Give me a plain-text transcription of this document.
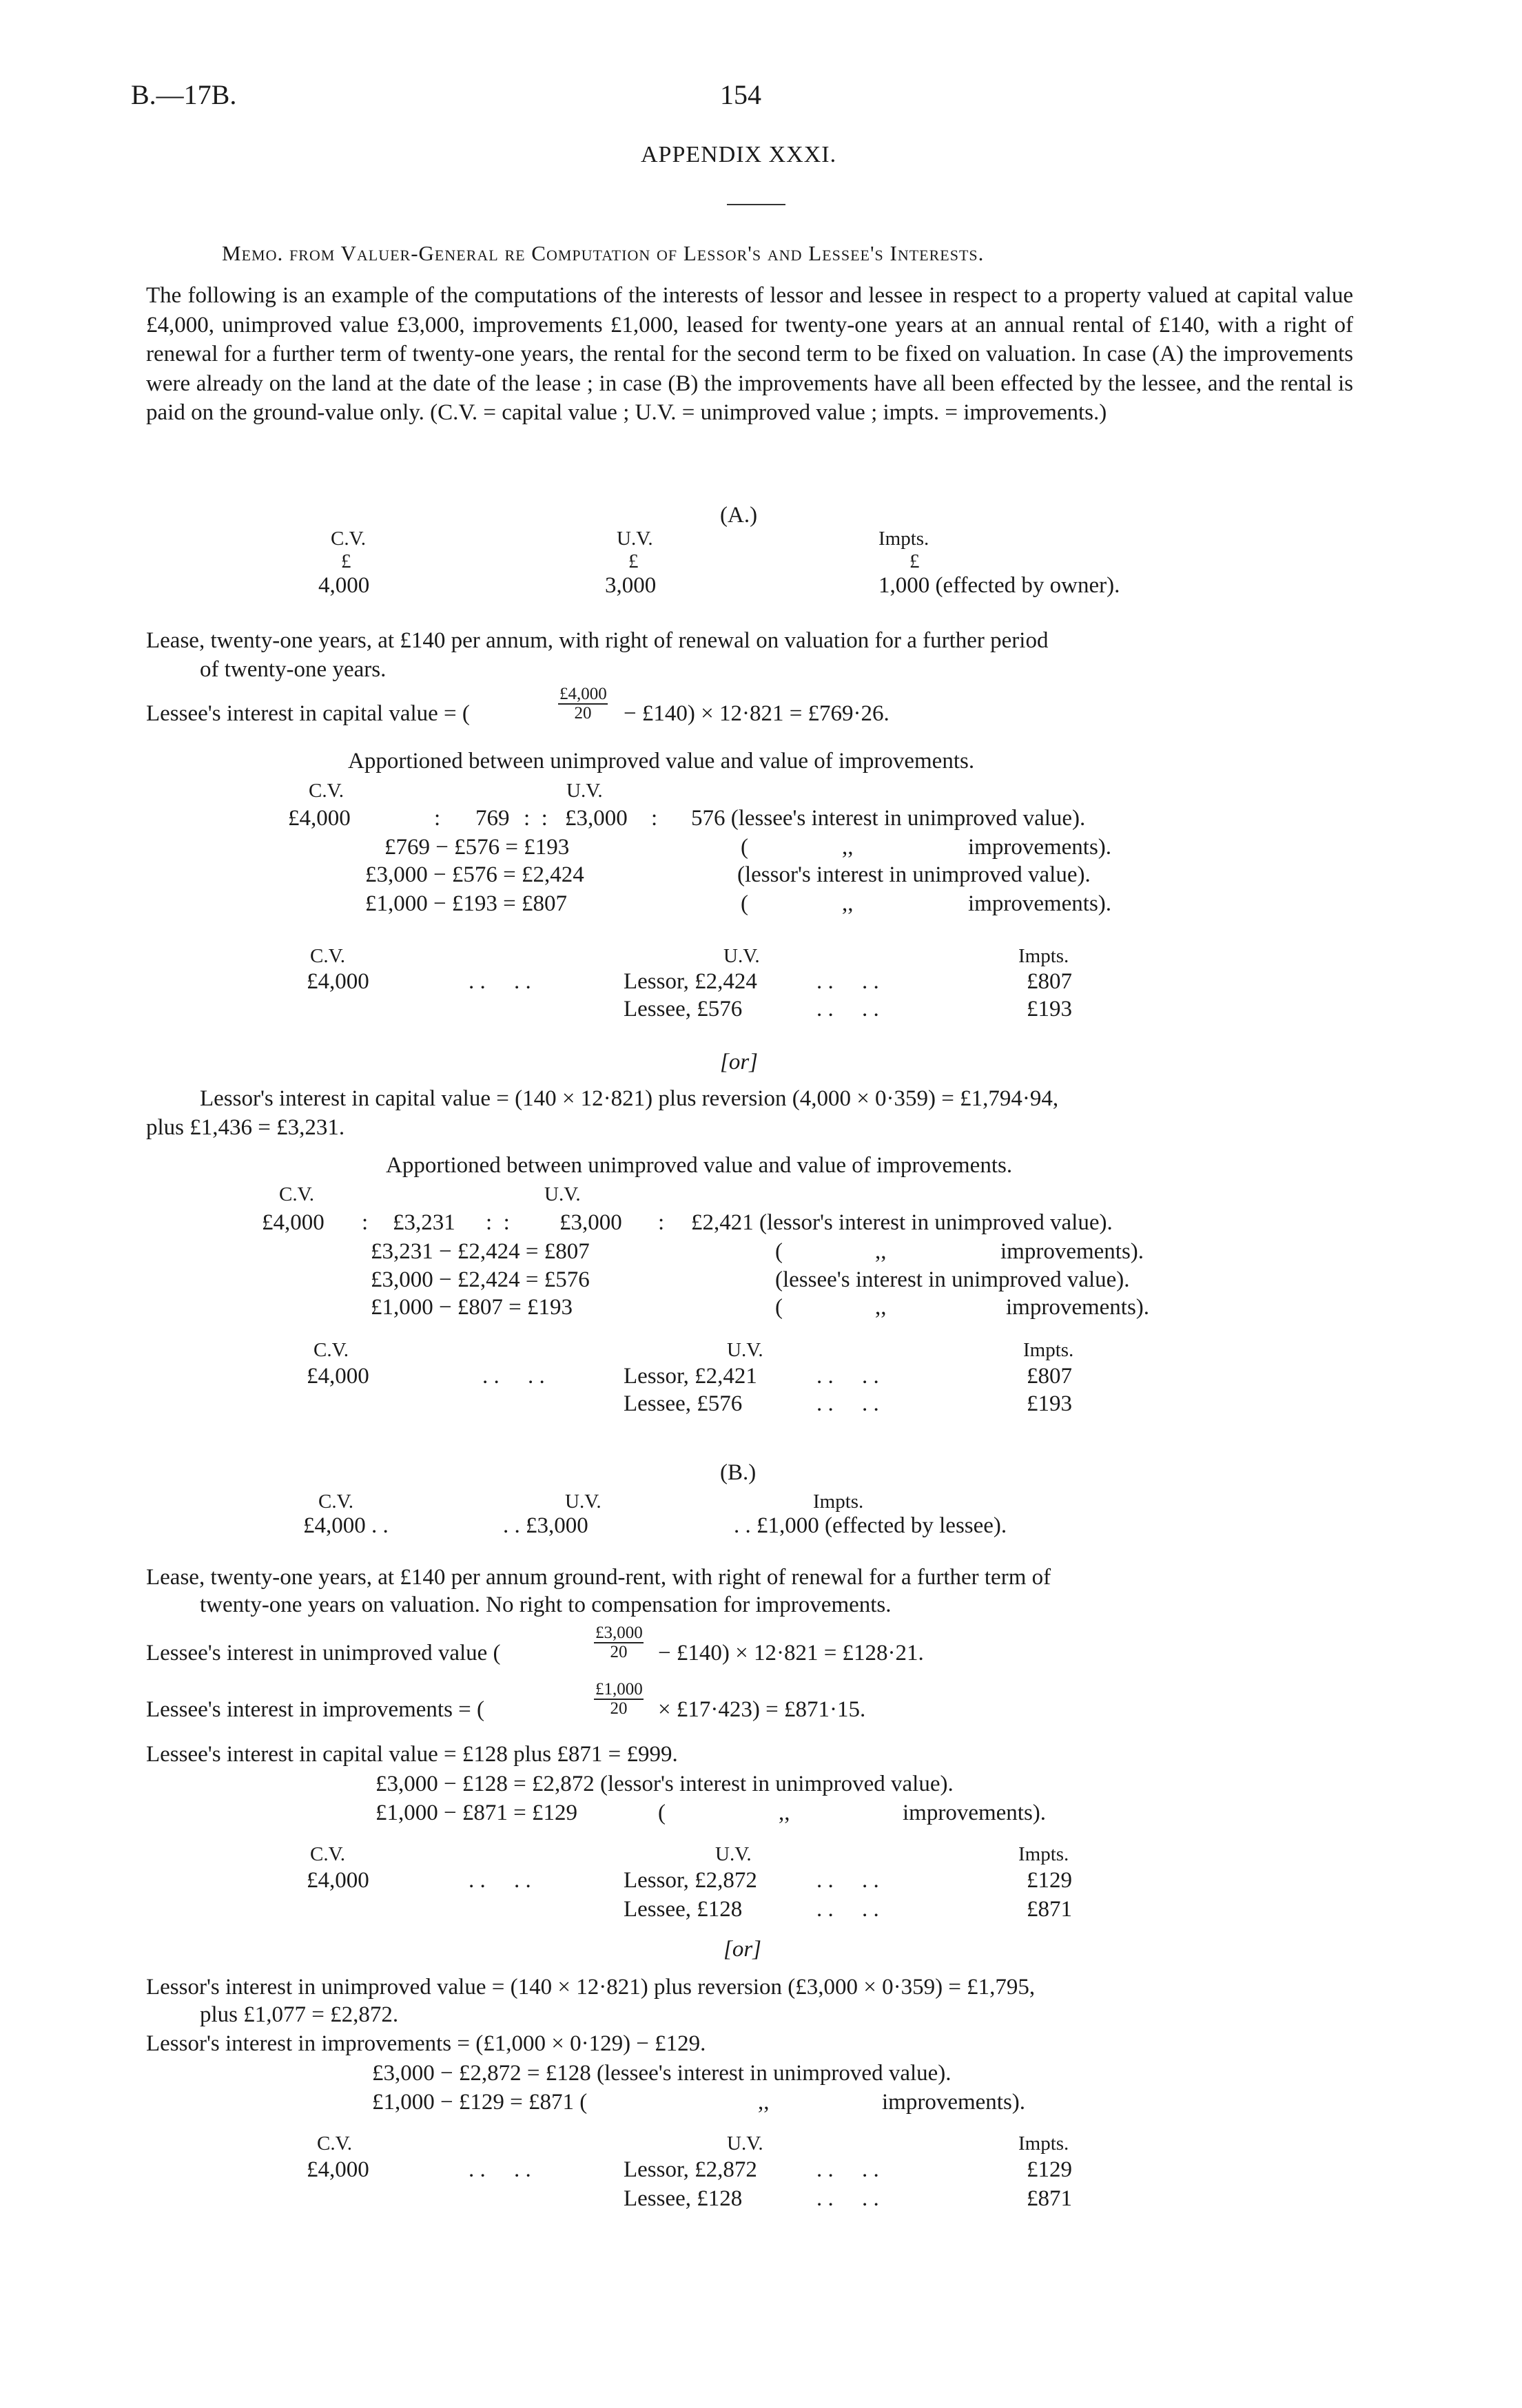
B.—17B.	154
APPENDIX XXXI.
Memo. from Valuer-General re Computation of Lessor's and Lessee's Interests.
The following is an example of the computations of the interests of lessor and lessee in respect to a property valued at capital value £4,000, unimproved value £3,000, improvements £1,000, leased for twenty-one years at an annual rental of £140, with a right of renewal for a further term of twenty-one years, the rental for the second term to be fixed on valuation. In case (A) the improvements were already on the land at the date of the lease ; in case (B) the improvements have all been effected by the lessee, and the rental is paid on the ground-value only. (C.V. = capital value ; U.V. = unimproved value ; impts. = improvements.)
(A.)
C.V.	U.V.	Impts.
£	£	£
4,000	3,000	1,000 (effected by owner).
Lease, twenty-one years, at £140 per annum, with right of renewal on valuation for a further period
of twenty-one years.
Lessee's interest in capital value = (	$\frac{£4,000}{20}$ − £140) × 12·821 = £769·26.
Apportioned between unimproved value and value of improvements.
C.V.	U.V.
£4,000	: 769 :  : £3,000 : 576 (lessee's interest in unimproved value).
£769 − £576 = £193	(	,,	improvements).
£3,000 − £576 = £2,424	(lessor's interest in unimproved value).
£1,000 − £193 = £807	(	,,	improvements).
C.V.	U.V.	Impts.
£4,000	. .     . .	Lessor, £2,424	. .     . .	£807
Lessee, £576	. .     . .	£193
[or]
Lessor's interest in capital value = (140 × 12·821) plus reversion (4,000 × 0·359) = £1,794·94,
plus £1,436 = £3,231.
Apportioned between unimproved value and value of improvements.
C.V.	U.V.
£4,000 : £3,231 :  : £3,000 : £2,421 (lessor's interest in unimproved value).
£3,231 − £2,424 = £807	(	,,	improvements).
£3,000 − £2,424 = £576	(lessee's interest in unimproved value).
£1,000 − £807 = £193	(	,,	improvements).
C.V.	U.V.	Impts.
£4,000	. .     . .	Lessor, £2,421	. .     . .	£807
Lessee, £576	. .     . .	£193
(B.)
C.V.	U.V.	Impts.
£4,000 . .	. . £3,000	. . £1,000 (effected by lessee).
Lease, twenty-one years, at £140 per annum ground-rent, with right of renewal for a further term of
twenty-one years on valuation. No right to compensation for improvements.
Lessee's interest in unimproved value (	$\frac{£3,000}{20}$ − £140) × 12·821 = £128·21.
Lessee's interest in improvements = (	$\frac{£1,000}{20}$ × £17·423) = £871·15.
Lessee's interest in capital value = £128 plus £871 = £999.
£3,000 − £128 = £2,872 (lessor's interest in unimproved value).
£1,000 − £871 = £129	(	,,	improvements).
C.V.	U.V.	Impts.
£4,000	. .     . .	Lessor, £2,872	. .     . .	£129
Lessee, £128	. .     . .	£871
[or]
Lessor's interest in unimproved value = (140 × 12·821) plus reversion (£3,000 × 0·359) = £1,795,
plus £1,077 = £2,872.
Lessor's interest in improvements = (£1,000 × 0·129) − £129.
£3,000 − £2,872 = £128 (lessee's interest in unimproved value).
£1,000 − £129 = £871 (	,,	improvements).
C.V.	U.V.	Impts.
£4,000	. .     . .	Lessor, £2,872	. .     . .	£129
Lessee, £128	. .     . .	£871
